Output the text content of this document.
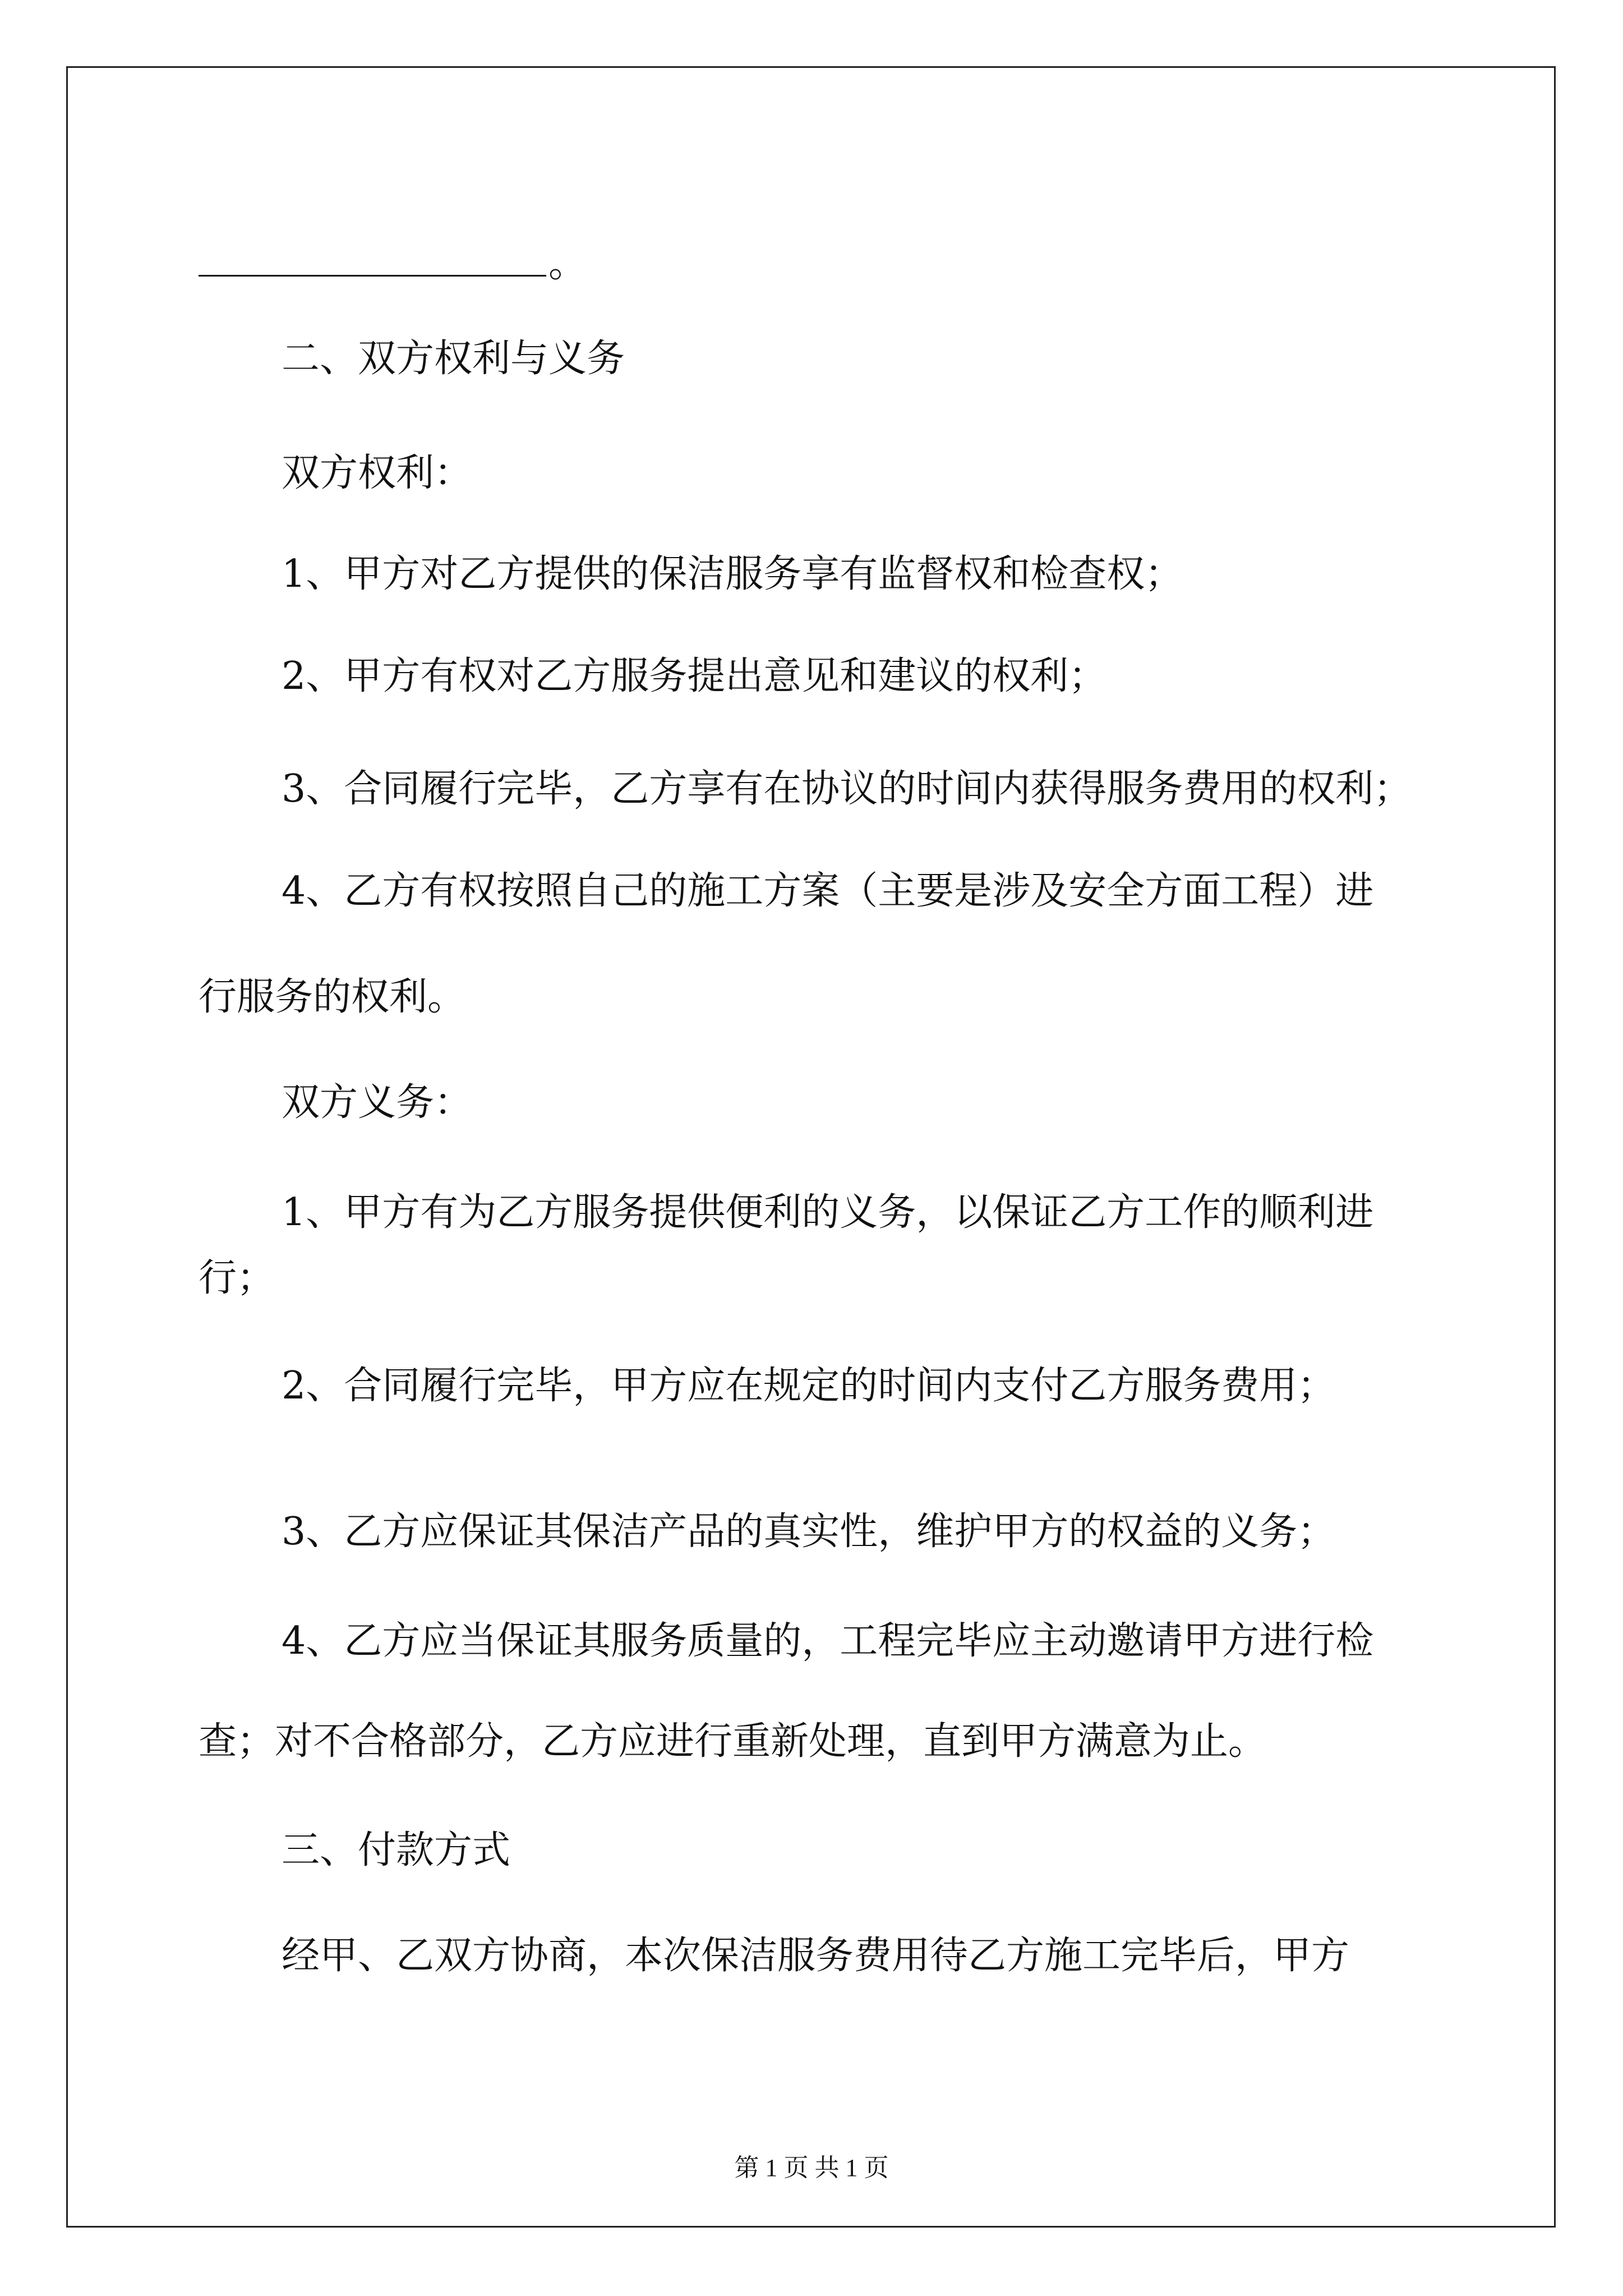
。
二、双方权利与义务
双方权利：
1、甲方对乙方提供的保洁服务享有监督权和检查权；
2、甲方有权对乙方服务提出意见和建议的权利；
3、合同履行完毕，乙方享有在协议的时间内获得服务费用的权利；
4、乙方有权按照自己的施工方案（主要是涉及安全方面工程）进
行服务的权利。
双方义务：
1、甲方有为乙方服务提供便利的义务，以保证乙方工作的顺利进
行；
2、合同履行完毕，甲方应在规定的时间内支付乙方服务费用；
3、乙方应保证其保洁产品的真实性，维护甲方的权益的义务；
4、乙方应当保证其服务质量的，工程完毕应主动邀请甲方进行检
查；对不合格部分，乙方应进行重新处理，直到甲方满意为止。
三、付款方式
经甲、乙双方协商，本次保洁服务费用待乙方施工完毕后，甲方
第 1 页 共 1 页
